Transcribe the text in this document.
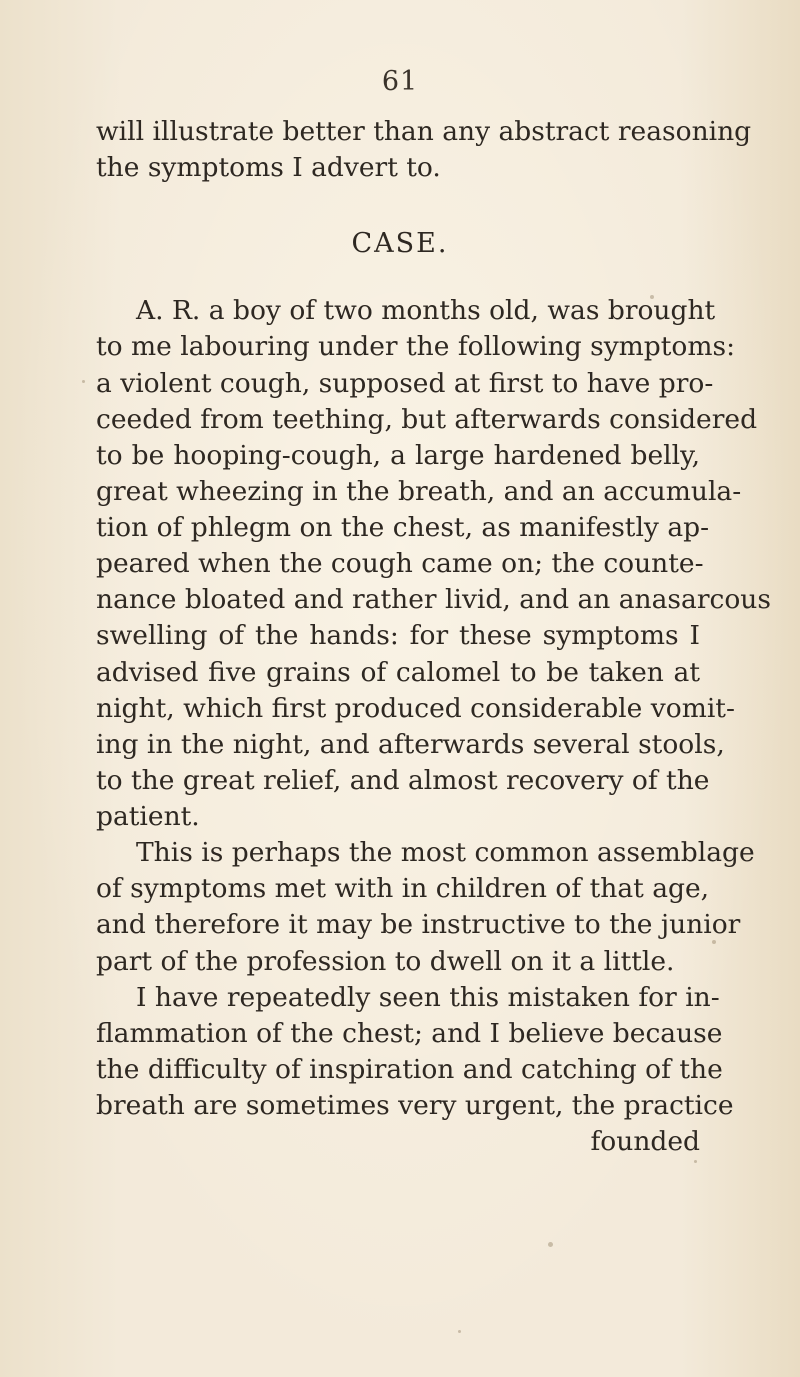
61
will illustrate better than any abstract reasoning
the symptoms I advert to.
CASE.
A. R. a boy of two months old, was brought
to me labouring under the following symptoms:
a violent cough, supposed at first to have pro-
ceeded from teething, but afterwards considered
to be hooping-cough, a large hardened belly,
great wheezing in the breath, and an accumula-
tion of phlegm on the chest, as manifestly ap-
peared when the cough came on; the counte-
nance bloated and rather livid, and an anasarcous
swelling of the hands: for these symptoms I
advised five grains of calomel to be taken at
night, which first produced considerable vomit-
ing in the night, and afterwards several stools,
to the great relief, and almost recovery of the
patient.
This is perhaps the most common assemblage
of symptoms met with in children of that age,
and therefore it may be instructive to the junior
part of the profession to dwell on it a little.
I have repeatedly seen this mistaken for in-
flammation of the chest; and I believe because
the difficulty of inspiration and catching of the
breath are sometimes very urgent, the practice
founded
